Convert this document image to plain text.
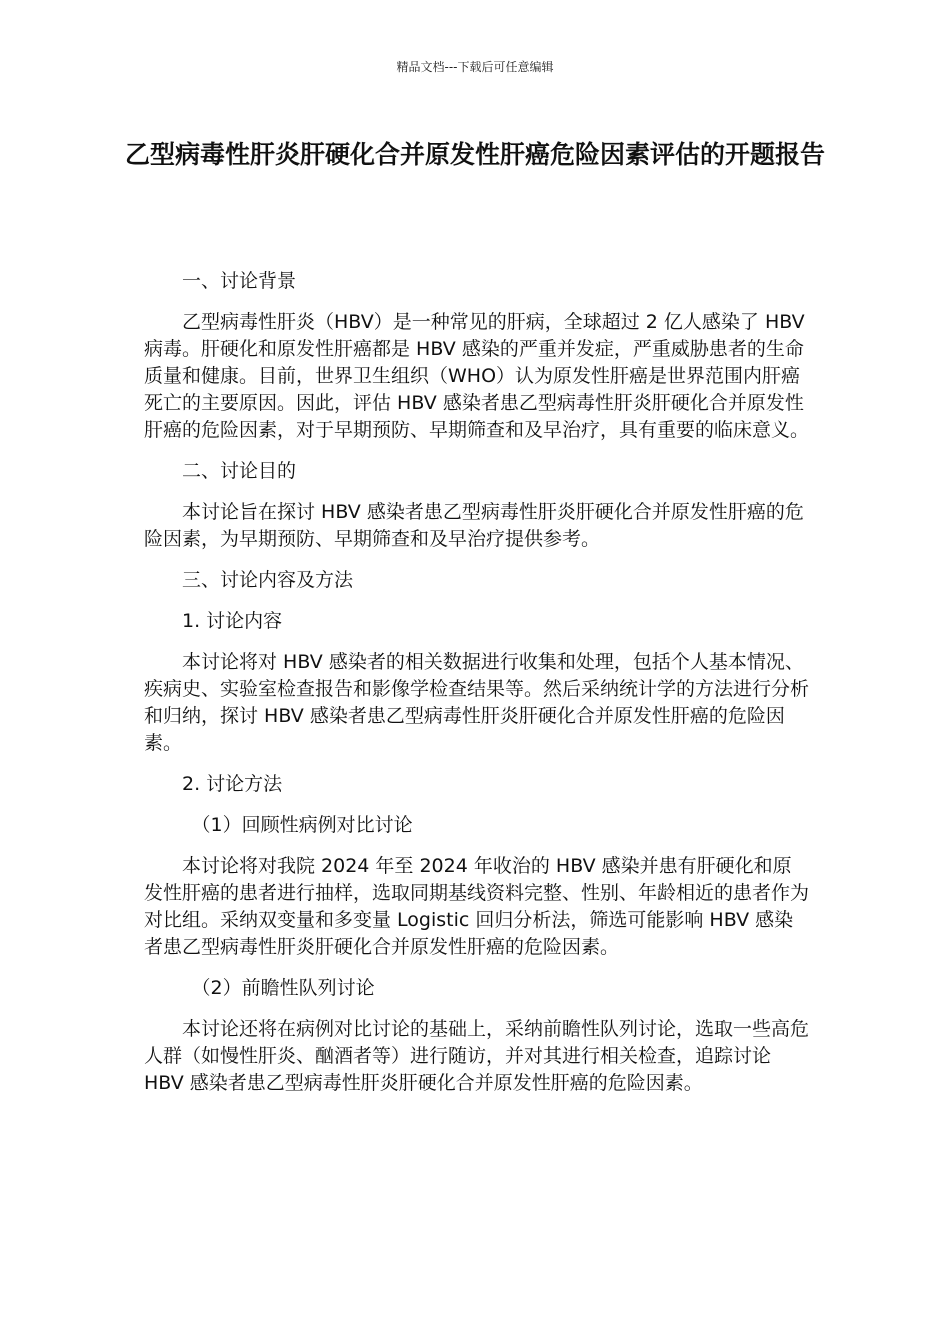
精品文档---下载后可任意编辑
乙型病毒性肝炎肝硬化合并原发性肝癌危险因素评估的开题报告

一、讨论背景

乙型病毒性肝炎（HBV）是一种常见的肝病，全球超过 2 亿人感染了 HBV 病毒。肝硬化和原发性肝癌都是 HBV 感染的严重并发症，严重威胁患者的生命质量和健康。目前，世界卫生组织（WHO）认为原发性肝癌是世界范围内肝癌死亡的主要原因。因此，评估 HBV 感染者患乙型病毒性肝炎肝硬化合并原发性肝癌的危险因素，对于早期预防、早期筛查和及早治疗，具有重要的临床意义。

二、讨论目的

本讨论旨在探讨 HBV 感染者患乙型病毒性肝炎肝硬化合并原发性肝癌的危险因素，为早期预防、早期筛查和及早治疗提供参考。

三、讨论内容及方法

1. 讨论内容

本讨论将对 HBV 感染者的相关数据进行收集和处理，包括个人基本情况、疾病史、实验室检查报告和影像学检查结果等。然后采纳统计学的方法进行分析和归纳，探讨 HBV 感染者患乙型病毒性肝炎肝硬化合并原发性肝癌的危险因素。

2. 讨论方法

（1）回顾性病例对比讨论

本讨论将对我院 2024 年至 2024 年收治的 HBV 感染并患有肝硬化和原发性肝癌的患者进行抽样，选取同期基线资料完整、性别、年龄相近的患者作为对比组。采纳双变量和多变量 Logistic 回归分析法，筛选可能影响 HBV 感染者患乙型病毒性肝炎肝硬化合并原发性肝癌的危险因素。

（2）前瞻性队列讨论

本讨论还将在病例对比讨论的基础上，采纳前瞻性队列讨论，选取一些高危人群（如慢性肝炎、酗酒者等）进行随访，并对其进行相关检查，追踪讨论 HBV 感染者患乙型病毒性肝炎肝硬化合并原发性肝癌的危险因素。
